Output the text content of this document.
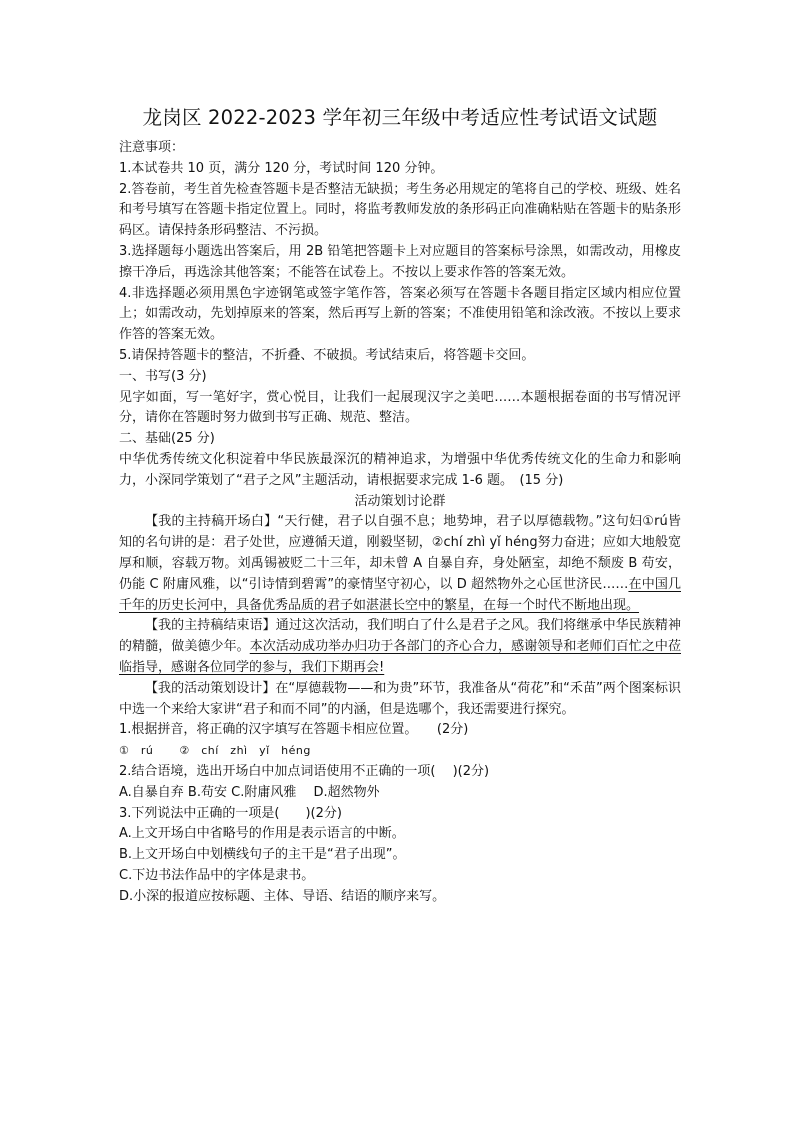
龙岗区 2022-2023 学年初三年级中考适应性考试语文试题

注意事项：

1.本试卷共 10 页，满分 120 分，考试时间 120 分钟。

2.答卷前，考生首先检查答题卡是否整洁无缺损；考生务必用规定的笔将自己的学校、班级、姓名和考号填写在答题卡指定位置上。同时，将监考教师发放的条形码正向准确粘贴在答题卡的贴条形码区。请保持条形码整洁、不污损。

3.选择题每小题选出答案后，用 2B 铅笔把答题卡上对应题目的答案标号涂黑，如需改动，用橡皮擦干净后，再选涂其他答案；不能答在试卷上。不按以上要求作答的答案无效。

4.非选择题必须用黑色字迹钢笔或签字笔作答，答案必须写在答题卡各题目指定区域内相应位置上；如需改动，先划掉原来的答案，然后再写上新的答案；不准使用铅笔和涂改液。不按以上要求作答的答案无效。

5.请保持答题卡的整洁，不折叠、不破损。考试结束后，将答题卡交回。

一、书写(3 分)

见字如面，写一笔好字，赏心悦目，让我们一起展现汉字之美吧……本题根据卷面的书写情况评分，请你在答题时努力做到书写正确、规范、整洁。

二、基础(25 分)

中华优秀传统文化积淀着中华民族最深沉的精神追求，为增强中华优秀传统文化的生命力和影响力，小深同学策划了“君子之风”主题活动，请根据要求完成 1-6 题。　(15 分)

活动策划讨论群

【我的主持稿开场白】“天行健，君子以自强不息；地势坤，君子以厚德载物。”这句妇①rú皆知的名句讲的是：君子处世，应遵循天道，刚毅坚韧，②chí zhì yǐ héng努力奋进；应如大地般宽厚和顺，容载万物。刘禹锡被贬二十三年，却未曾 A 自暴自弃，身处陋室，却绝不颓废 B 苟安，仍能 C 附庸风雅，以“引诗情到碧霄”的豪情坚守初心，以 D 超然物外之心匡世济民……在中国几千年的历史长河中，具备优秀品质的君子如湛湛长空中的繁星，在每一个时代不断地出现。

【我的主持稿结束语】通过这次活动，我们明白了什么是君子之风。我们将继承中华民族精神的精髓，做美德少年。本次活动成功举办归功于各部门的齐心合力，感谢领导和老师们百忙之中莅临指导，感谢各位同学的参与，我们下期再会!

【我的活动策划设计】在“厚德载物——和为贵”环节，我准备从“荷花”和“禾苗”两个图案标识中选一个来给大家讲“君子和而不同”的内涵，但是选哪个，我还需要进行探究。

1.根据拼音，将正确的汉字填写在答题卡相应位置。　　(2分)

①　rú ②　chí　zhì　yǐ　héng

2.结合语境，选出开场白中加点词语使用不正确的一项(　 )(2分)

A.自暴自弃 B.苟安 C.附庸风雅　 D.超然物外

3.下列说法中正确的一项是(　　)(2分)

A.上文开场白中省略号的作用是表示语言的中断。

B.上文开场白中划横线句子的主干是“君子出现”。

C.下边书法作品中的字体是隶书。

D.小深的报道应按标题、主体、导语、结语的顺序来写。
